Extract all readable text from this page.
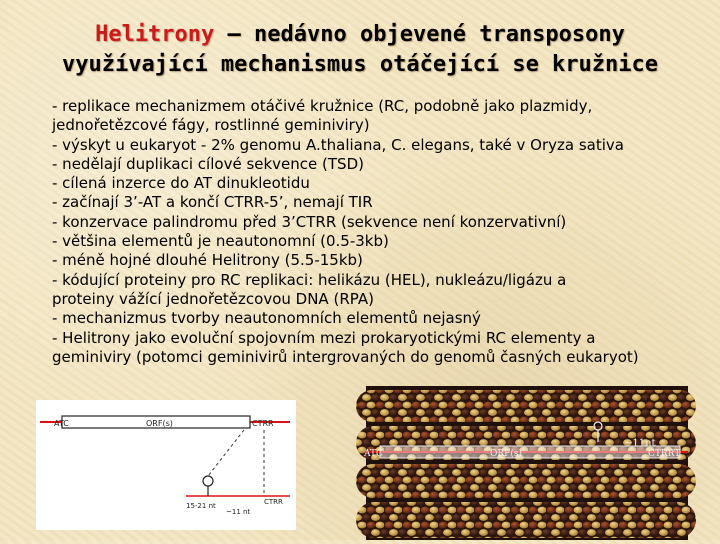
Helitrony – nedávno objevené transposony
využívající mechanismus otáčející se kružnice
- replikace mechanizmem otáčivé kružnice (RC, podobně jako plazmidy,
jednořetězcové fágy, rostlinné geminiviry)
- výskyt u eukaryot - 2% genomu A.thaliana, C. elegans, také v Oryza sativa
- nedělají duplikaci cílové sekvence (TSD)
- cílená inzerce do AT dinukleotidu
- začínají 3’-AT a končí CTRR-5’, nemají TIR
- konzervace palindromu před 3’CTRR (sekvence není konzervativní)
- většina elementů je neautonomní (0.5-3kb)
- méně hojné dlouhé Helitrony (5.5-15kb)
- kódující proteiny pro RC replikaci: helikázu (HEL), nukleázu/ligázu a
proteiny vážící jednořetězcovou DNA (RPA)
- mechanizmus tvorby neautonomních elementů nejasný
- Helitrony jako evoluční spojovním mezi prokaryotickými RC elementy a
geminiviry (potomci geminivirů intergrovaných do genomů časných eukaryot)
ATC	ORF(s)	CTRR
15-21 nt
~11 nt
CTRR
ATC	ORF(s)	CTRRT
~11nt
